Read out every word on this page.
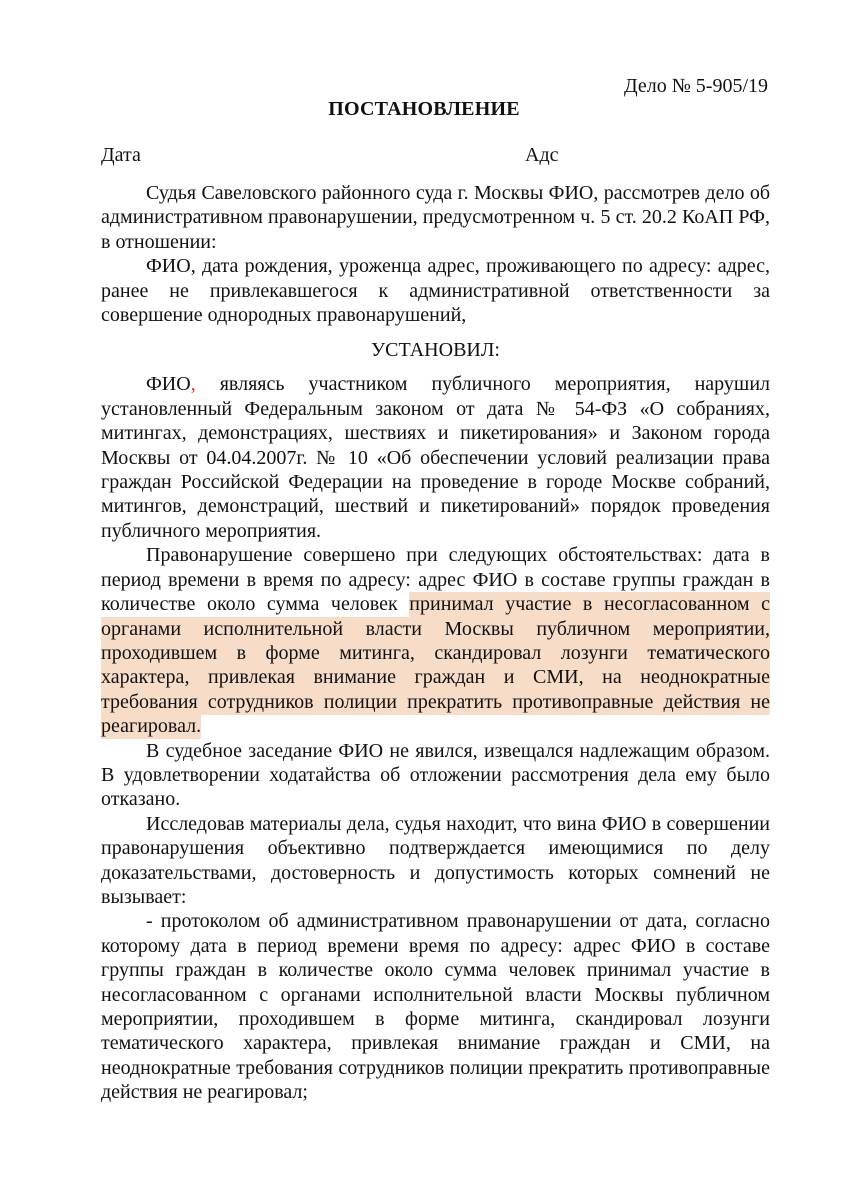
Дело № 5-905/19
ПОСТАНОВЛЕНИЕ
Дата	Адс

Судья Савеловского районного суда г. Москвы ФИО, рассмотрев дело об административном правонарушении, предусмотренном ч. 5 ст. 20.2 КоАП РФ, в отношении:

ФИО, дата рождения, уроженца адрес, проживающего по адресу: адрес, ранее не привлекавшегося к административной ответственности за совершение однородных правонарушений,

УСТАНОВИЛ:

ФИО, являясь участником публичного мероприятия, нарушил установленный Федеральным законом от дата № 54-ФЗ «О собраниях, митингах, демонстрациях, шествиях и пикетирования» и Законом города Москвы от 04.04.2007г. № 10 «Об обеспечении условий реализации права граждан Российской Федерации на проведение в городе Москве собраний, митингов, демонстраций, шествий и пикетирований» порядок проведения публичного мероприятия.

Правонарушение совершено при следующих обстоятельствах: дата в период времени в время по адресу: адрес ФИО в составе группы граждан в количестве около сумма человек принимал участие в несогласованном с органами исполнительной власти Москвы публичном мероприятии, проходившем в форме митинга, скандировал лозунги тематического характера, привлекая внимание граждан и СМИ, на неоднократные требования сотрудников полиции прекратить противоправные действия не реагировал.

В судебное заседание ФИО не явился, извещался надлежащим образом. В удовлетворении ходатайства об отложении рассмотрения дела ему было отказано.

Исследовав материалы дела, судья находит, что вина ФИО в совершении правонарушения объективно подтверждается имеющимися по делу доказательствами, достоверность и допустимость которых сомнений не вызывает:

- протоколом об административном правонарушении от дата, согласно которому дата в период времени время по адресу: адрес ФИО в составе группы граждан в количестве около сумма человек принимал участие в несогласованном с органами исполнительной власти Москвы публичном мероприятии, проходившем в форме митинга, скандировал лозунги тематического характера, привлекая внимание граждан и СМИ, на неоднократные требования сотрудников полиции прекратить противоправные действия не реагировал;
